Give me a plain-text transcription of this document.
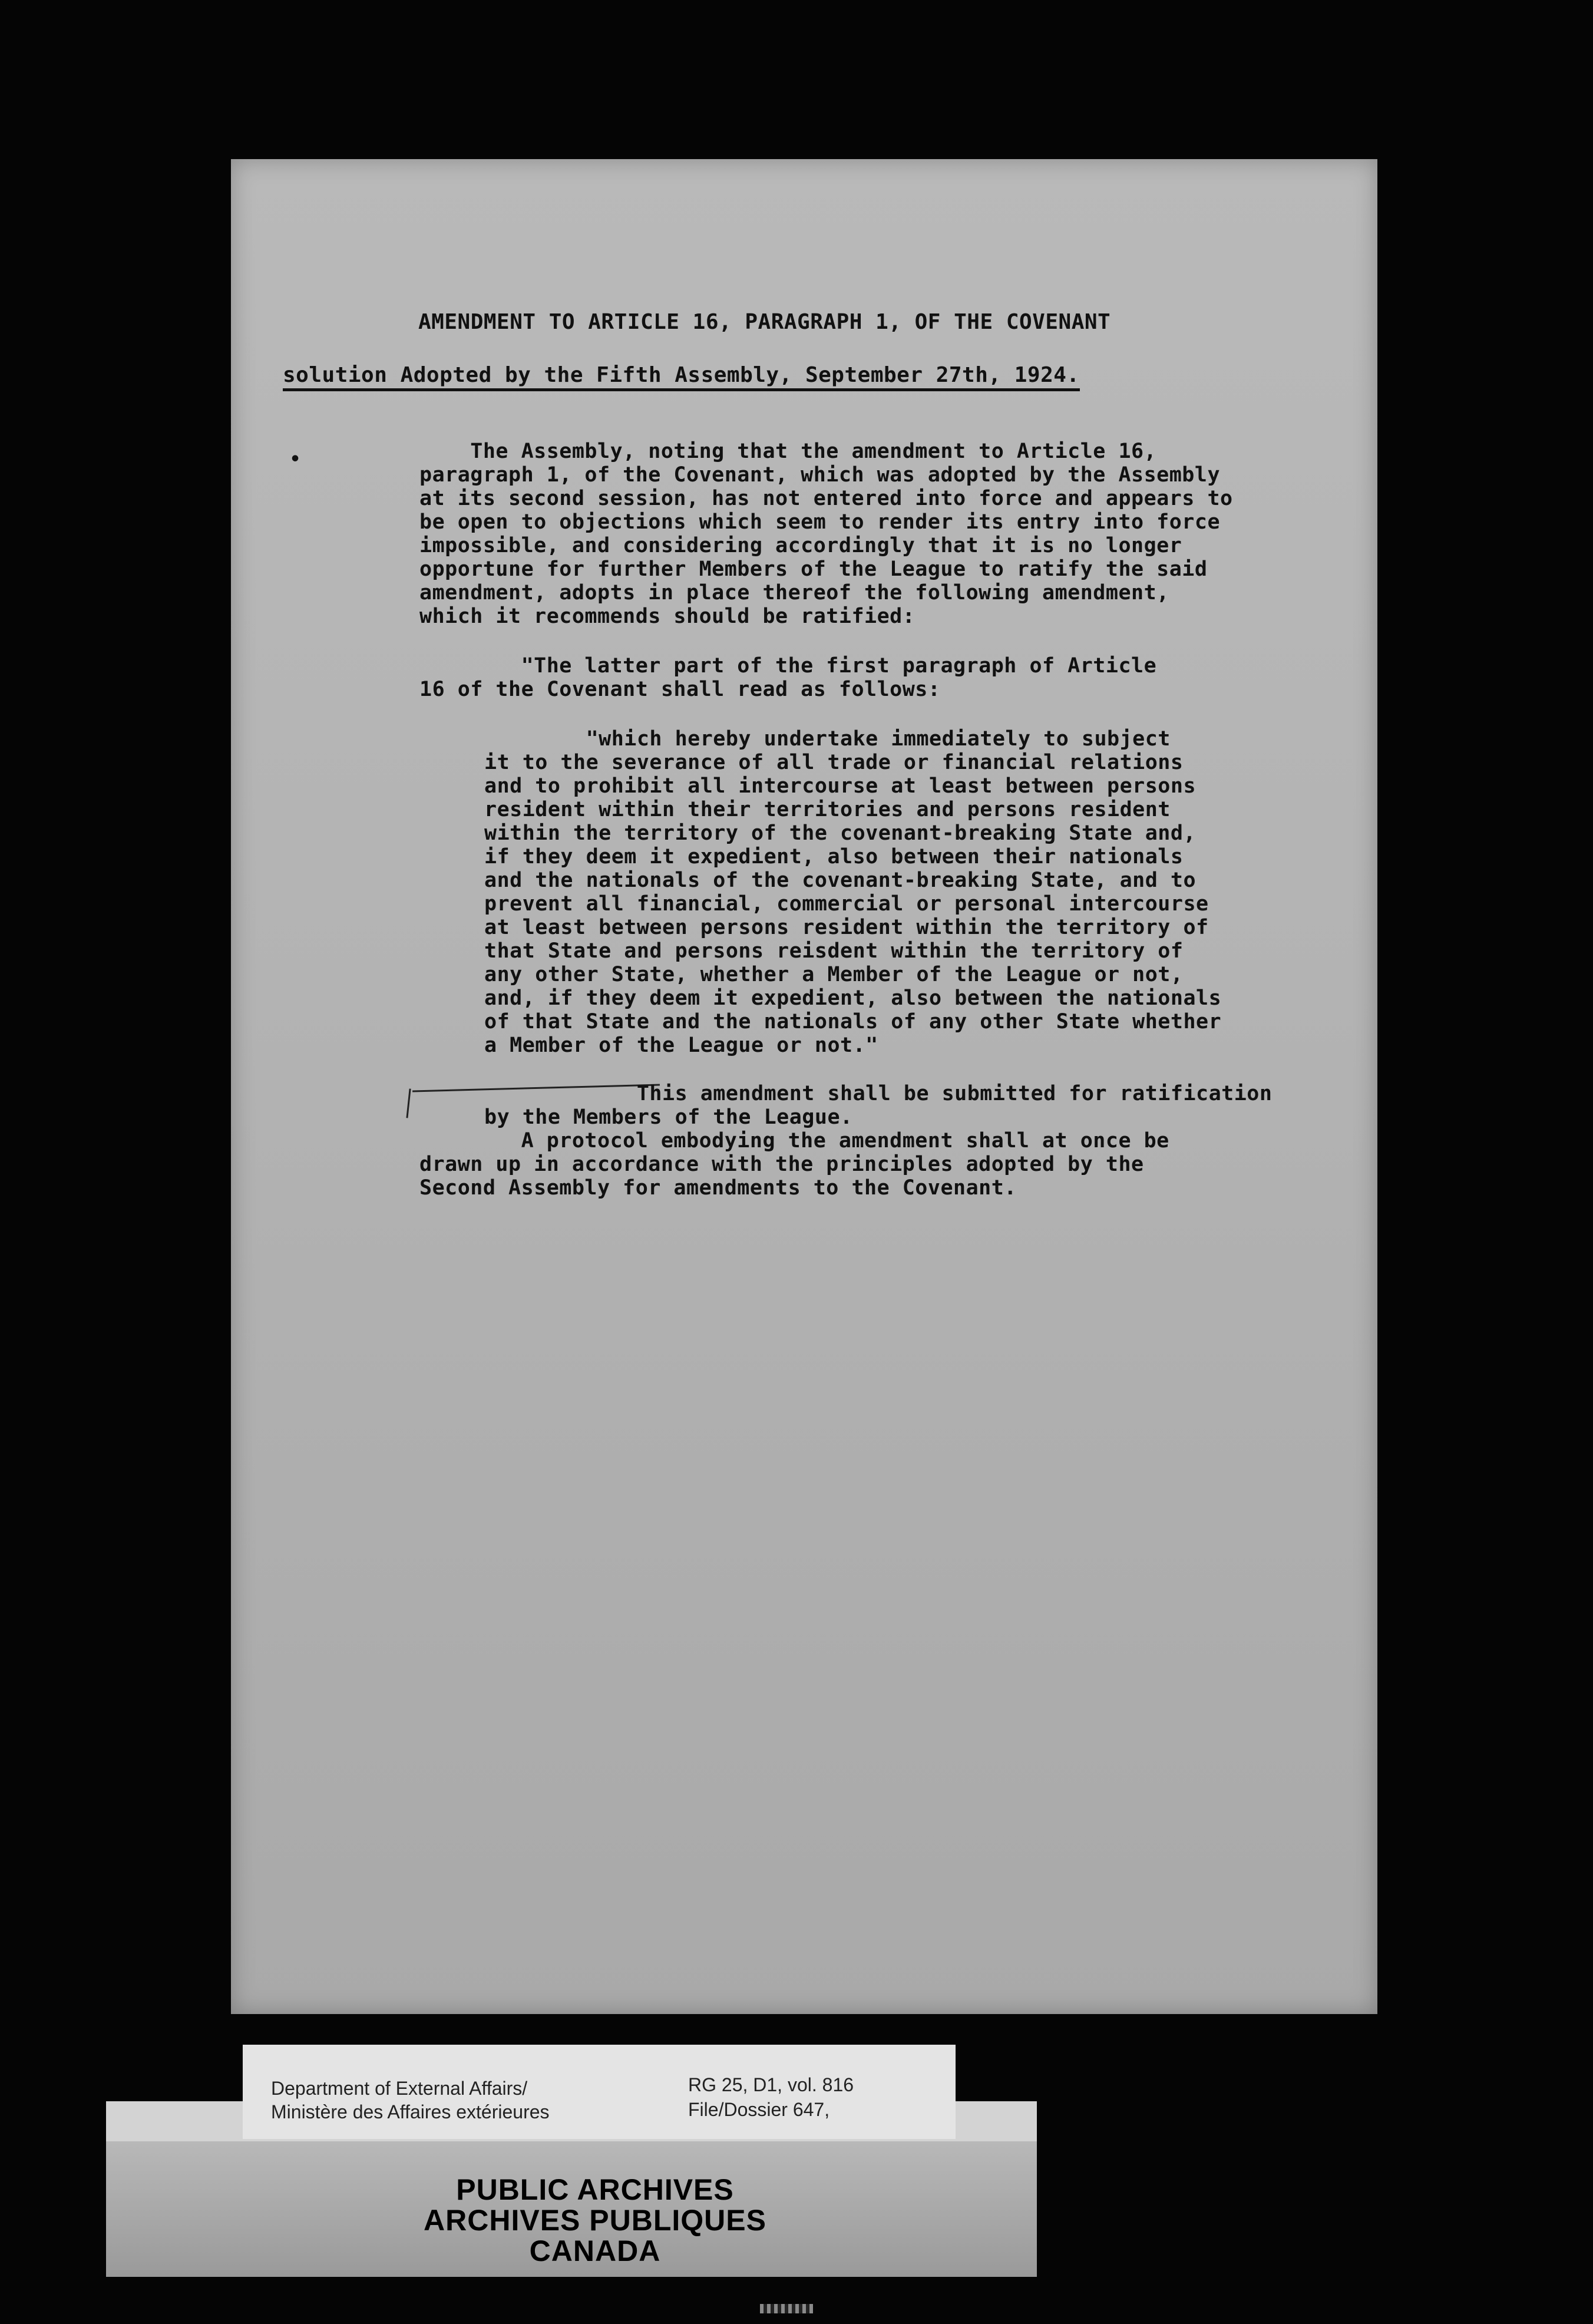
AMENDMENT TO ARTICLE 16, PARAGRAPH 1, OF THE COVENANT
solution Adopted by the Fifth Assembly, September 27th, 1924.
•	The Assembly, noting that the amendment to Article 16,
paragraph 1, of the Covenant, which was adopted by the Assembly
at its second session, has not entered into force and appears to
be open to objections which seem to render its entry into force
impossible, and considering accordingly that it is no longer
opportune for further Members of the League to ratify the said
amendment, adopts in place thereof the following amendment,
which it recommends should be ratified:
"The latter part of the first paragraph of Article
16 of the Covenant shall read as follows:
"which hereby undertake immediately to subject
it to the severance of all trade or financial relations
and to prohibit all intercourse at least between persons
resident within their territories and persons resident
within the territory of the covenant-breaking State and,
if they deem it expedient, also between their nationals
and the nationals of the covenant-breaking State, and to
prevent all financial, commercial or personal intercourse
at least between persons resident within the territory of
that State and persons reisdent within the territory of
any other State, whether a Member of the League or not,
and, if they deem it expedient, also between the nationals
of that State and the nationals of any other State whether
a Member of the League or not."
This amendment shall be submitted for ratification
by the Members of the League.
A protocol embodying the amendment shall at once be
drawn up in accordance with the principles adopted by the
Second Assembly for amendments to the Covenant.
Department of External Affairs/
Ministère des Affaires extérieures
RG 25, D1, vol. 816
File/Dossier 647,
PUBLIC ARCHIVES
ARCHIVES PUBLIQUES
CANADA
